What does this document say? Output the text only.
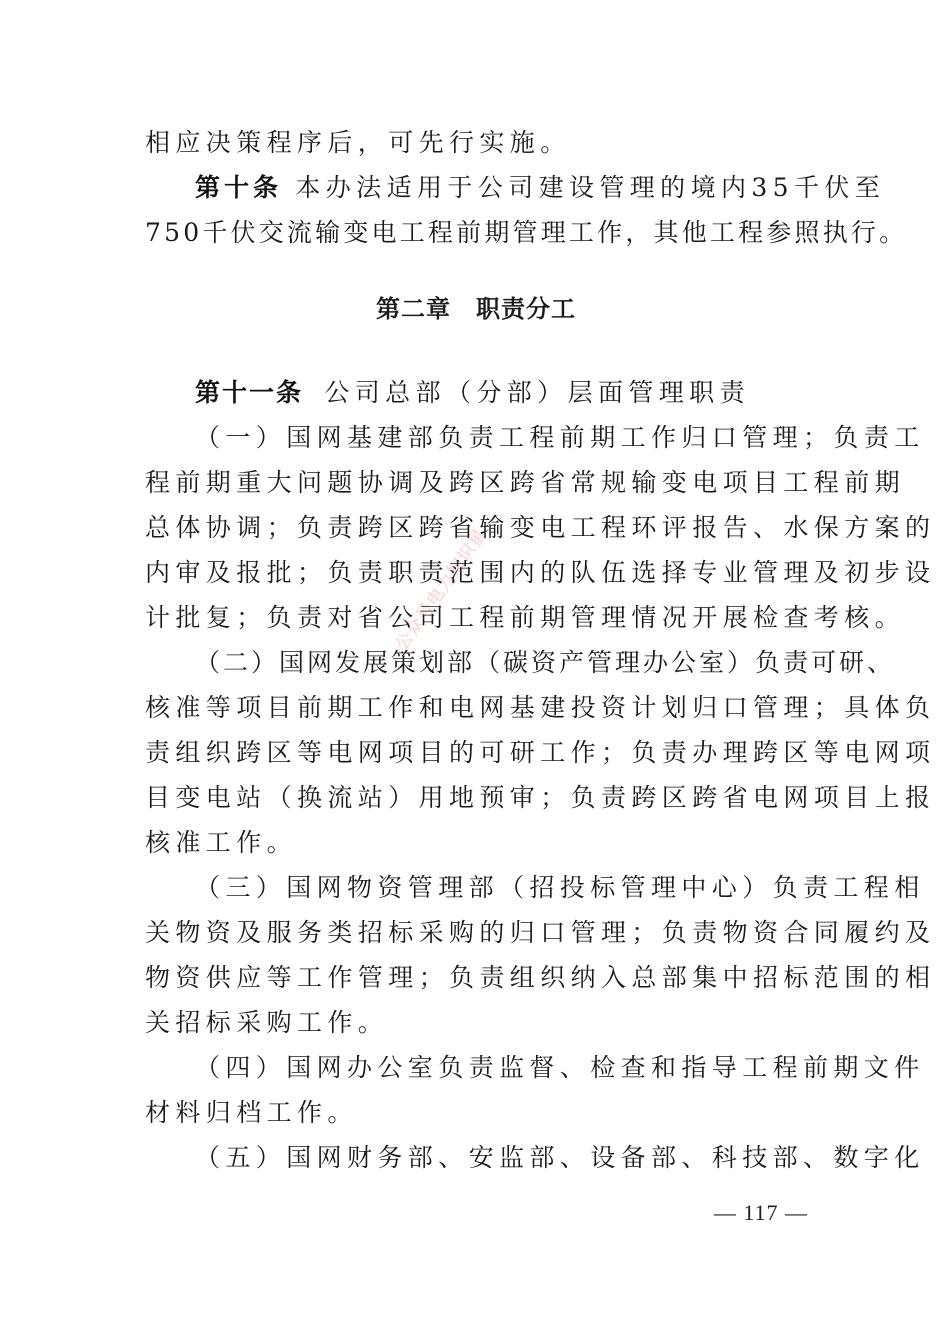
公众号电力知识星
相应决策程序后，可先行实施。
第十条 本办法适用于公司建设管理的境内35千伏至
750千伏交流输变电工程前期管理工作，其他工程参照执行。
第二章　职责分工
第十一条 公司总部（分部）层面管理职责
（一）国网基建部负责工程前期工作归口管理；负责工
程前期重大问题协调及跨区跨省常规输变电项目工程前期
总体协调；负责跨区跨省输变电工程环评报告、水保方案的
内审及报批；负责职责范围内的队伍选择专业管理及初步设
计批复；负责对省公司工程前期管理情况开展检查考核。
（二）国网发展策划部（碳资产管理办公室）负责可研、
核准等项目前期工作和电网基建投资计划归口管理；具体负
责组织跨区等电网项目的可研工作；负责办理跨区等电网项
目变电站（换流站）用地预审；负责跨区跨省电网项目上报
核准工作。
（三）国网物资管理部（招投标管理中心）负责工程相
关物资及服务类招标采购的归口管理；负责物资合同履约及
物资供应等工作管理；负责组织纳入总部集中招标范围的相
关招标采购工作。
（四）国网办公室负责监督、检查和指导工程前期文件
材料归档工作。
（五）国网财务部、安监部、设备部、科技部、数字化
— 117 —
